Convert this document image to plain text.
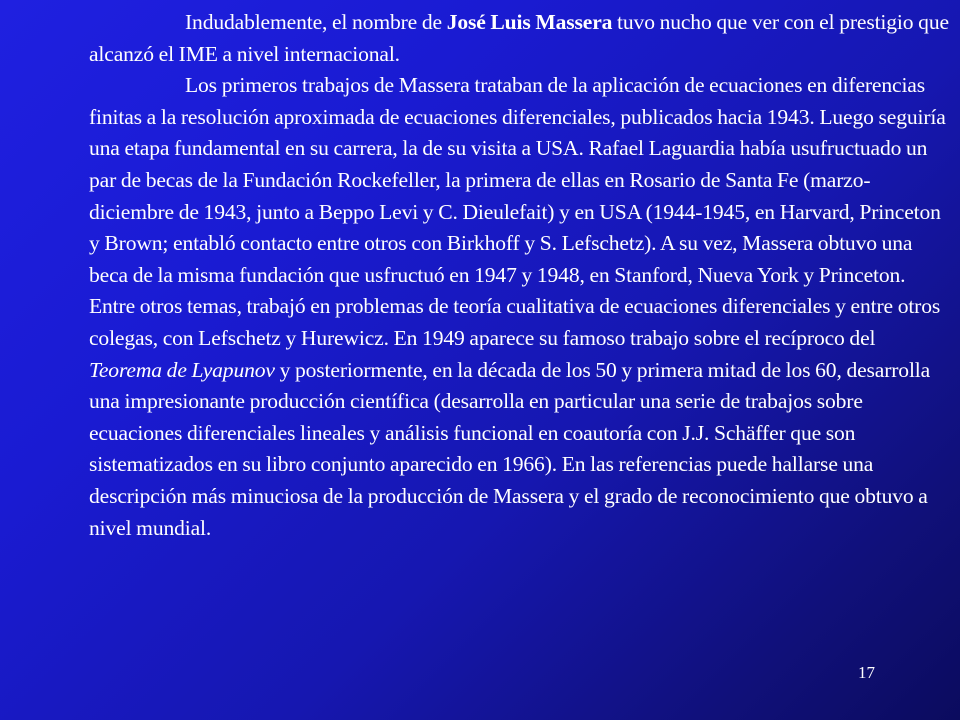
Indudablemente, el nombre de José Luis Massera tuvo nucho que ver con el prestigio que alcanzó el IME a nivel internacional.

Los primeros trabajos de Massera trataban de la aplicación de ecuaciones en diferencias finitas a la resolución aproximada de ecuaciones diferenciales, publicados hacia 1943. Luego seguiría una etapa fundamental en su carrera, la de su visita a USA. Rafael Laguardia había usufructuado un par de becas de la Fundación Rockefeller, la primera de ellas en Rosario de Santa Fe (marzo-diciembre de 1943, junto a Beppo Levi y C. Dieulefait) y en USA (1944-1945, en Harvard, Princeton y Brown; entabló contacto entre otros con Birkhoff y S. Lefschetz). A su vez, Massera obtuvo una beca de la misma fundación que usfructuó en 1947 y 1948, en Stanford, Nueva York y Princeton. Entre otros temas, trabajó en problemas de teoría cualitativa de ecuaciones diferenciales y entre otros colegas, con Lefschetz y Hurewicz. En 1949 aparece su famoso trabajo sobre el recíproco del Teorema de Lyapunov y posteriormente, en la década de los 50 y primera mitad de los 60, desarrolla una impresionante producción científica (desarrolla en particular una serie de trabajos sobre ecuaciones diferenciales lineales y análisis funcional en coautoría con J.J. Schäffer que son sistematizados en su libro conjunto aparecido en 1966). En las referencias puede hallarse una descripción más minuciosa de la producción de Massera y el grado de reconocimiento que obtuvo a nivel mundial.

17
